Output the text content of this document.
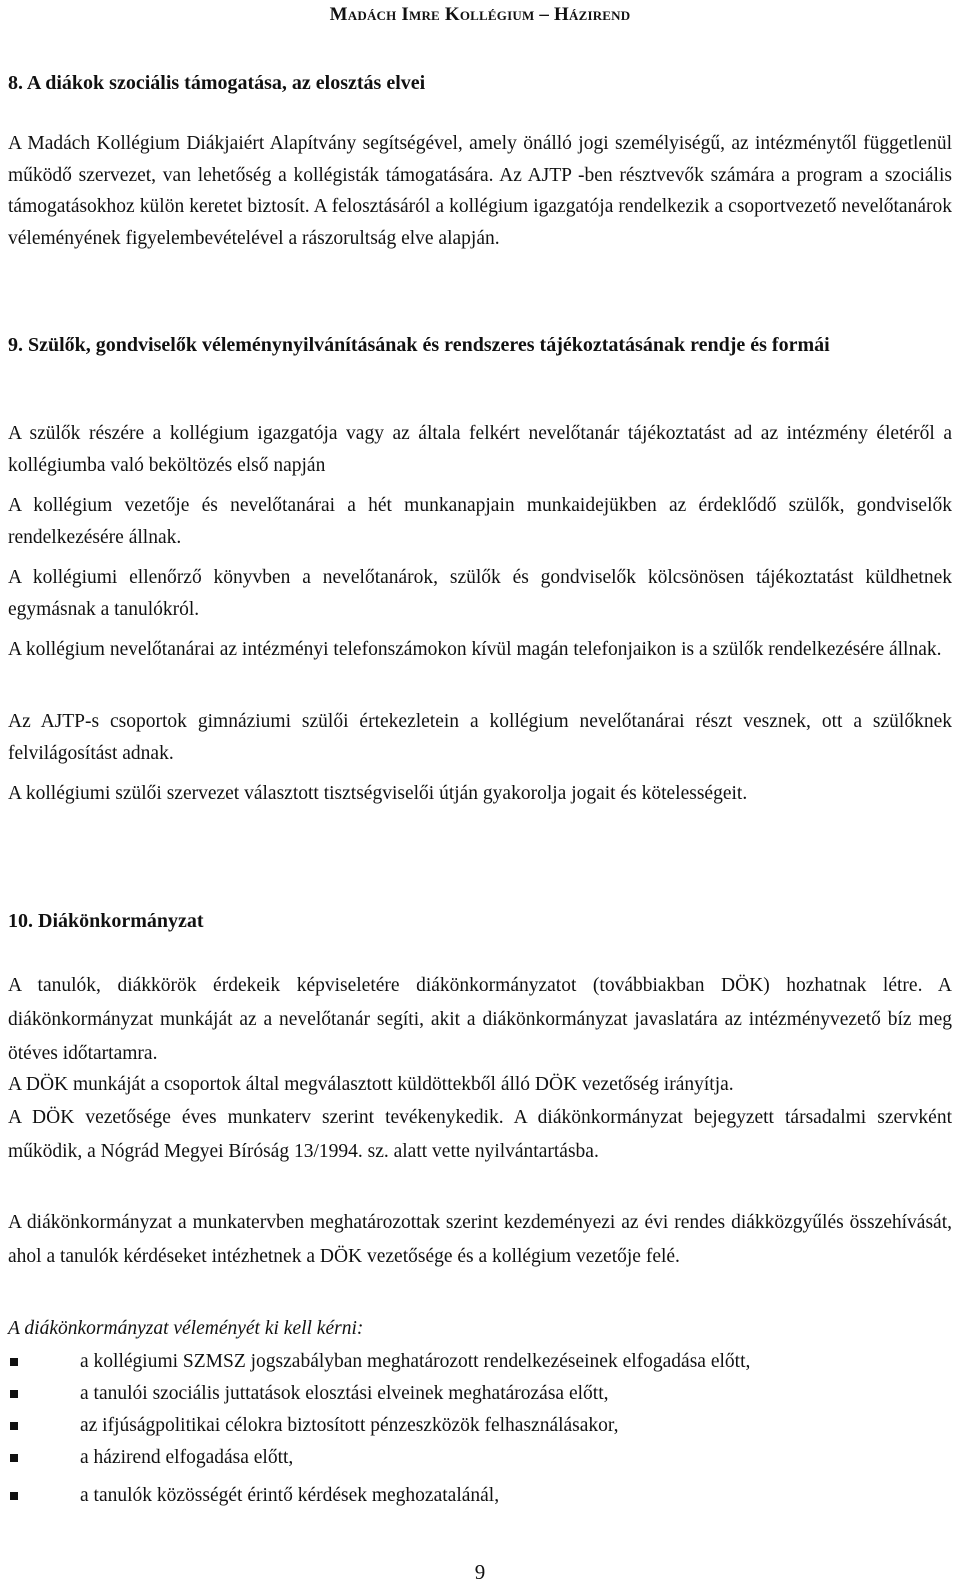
Madách Imre Kollégium – Házirend
8. A diákok szociális támogatása, az elosztás elvei
A Madách Kollégium Diákjaiért Alapítvány segítségével, amely önálló jogi személyiségű, az intézménytől függetlenül működő szervezet, van lehetőség a kollégisták támogatására. Az AJTP -ben résztvevők számára a program a szociális támogatásokhoz külön keretet biztosít. A felosztásáról a kollégium igazgatója rendelkezik a csoportvezető nevelőtanárok véleményének figyelembevételével a rászorultság elve alapján.
9. Szülők, gondviselők véleménynyilvánításának és rendszeres tájékoztatásának rendje és formái
A szülők részére a kollégium igazgatója vagy az általa felkért nevelőtanár tájékoztatást ad az intézmény életéről a kollégiumba való beköltözés első napján
A kollégium vezetője és nevelőtanárai a hét munkanapjain munkaidejükben az érdeklődő szülők, gondviselők rendelkezésére állnak.
A kollégiumi ellenőrző könyvben a nevelőtanárok, szülők és gondviselők kölcsönösen tájékoztatást küldhetnek egymásnak a tanulókról.
A kollégium nevelőtanárai az intézményi telefonszámokon kívül magán telefonjaikon is a szülők rendelkezésére állnak.
Az AJTP-s csoportok gimnáziumi szülői értekezletein a kollégium nevelőtanárai részt vesznek, ott a szülőknek felvilágosítást adnak.
A kollégiumi szülői szervezet választott tisztségviselői útján gyakorolja jogait és kötelességeit.
10. Diákönkormányzat
A tanulók, diákkörök érdekeik képviseletére diákönkormányzatot (továbbiakban DÖK) hozhatnak létre. A diákönkormányzat munkáját az a nevelőtanár segíti, akit a diákönkormányzat javaslatára az intézményvezető bíz meg ötéves időtartamra.
A DÖK munkáját a csoportok által megválasztott küldöttekből álló DÖK vezetőség irányítja.
A DÖK vezetősége éves munkaterv szerint tevékenykedik. A diákönkormányzat bejegyzett társadalmi szervként működik, a Nógrád Megyei Bíróság 13/1994. sz. alatt vette nyilvántartásba.
A diákönkormányzat a munkatervben meghatározottak szerint kezdeményezi az évi rendes diákközgyűlés összehívását, ahol a tanulók kérdéseket intézhetnek a DÖK vezetősége és a kollégium vezetője felé.
A diákönkormányzat véleményét ki kell kérni:
a kollégiumi SZMSZ jogszabályban meghatározott rendelkezéseinek elfogadása előtt,
a tanulói szociális juttatások elosztási elveinek meghatározása előtt,
az ifjúságpolitikai célokra biztosított pénzeszközök felhasználásakor,
a házirend elfogadása előtt,
a tanulók közösségét érintő kérdések meghozatalánál,
9
